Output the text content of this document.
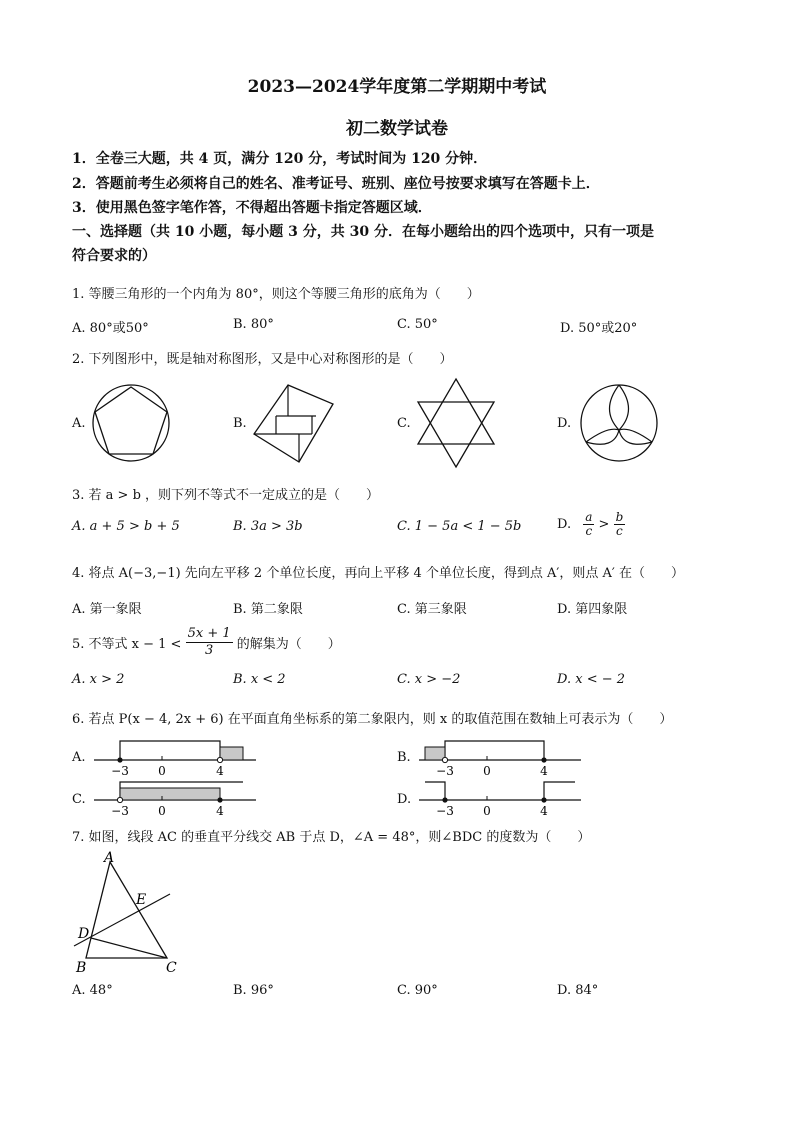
2023—2024学年度第二学期期中考试
初二数学试卷
1．全卷三大题，共 4 页，满分 120 分，考试时间为 120 分钟．
2．答题前考生必须将自己的姓名、准考证号、班别、座位号按要求填写在答题卡上．
3．使用黑色签字笔作答，不得超出答题卡指定答题区域．
一、选择题（共 10 小题，每小题 3 分，共 30 分．在每小题给出的四个选项中，只有一项是
符合要求的）
1. 等腰三角形的一个内角为 80°，则这个等腰三角形的底角为（　　）
A. 80°或50°	B. 80°	C. 50°	D. 50°或20°
2. 下列图形中，既是轴对称图形，又是中心对称图形的是（　　）
A.	B.	C.	D.
3. 若 a > b ，则下列不等式不一定成立的是（　　）
A. a + 5 > b + 5	B. 3a > 3b	C. 1 − 5a < 1 − 5b	D. $\frac{a}{c} > \frac{b}{c}$
4. 将点 A(−3,−1) 先向左平移 2 个单位长度，再向上平移 4 个单位长度，得到点 A′，则点 A′ 在（　　）
A. 第一象限	B. 第二象限	C. 第三象限	D. 第四象限
5. 不等式 $x - 1 < \frac{5x + 1}{3}$ 的解集为（　　）
A. x > 2	B. x < 2	C. x > −2	D. x < − 2
6. 若点 P(x − 4, 2x + 6) 在平面直角坐标系的第二象限内，则 x 的取值范围在数轴上可表示为（　　）
A.	B.
C.	D.
−3 0	4	−3 0	4
−3 0	4	−3 0	4
7. 如图，线段 AC 的垂直平分线交 AB 于点 D，∠A = 48°，则∠BDC 的度数为（　　）
A
B	C
D
E
A. 48°	B. 96°	C. 90°	D. 84°
